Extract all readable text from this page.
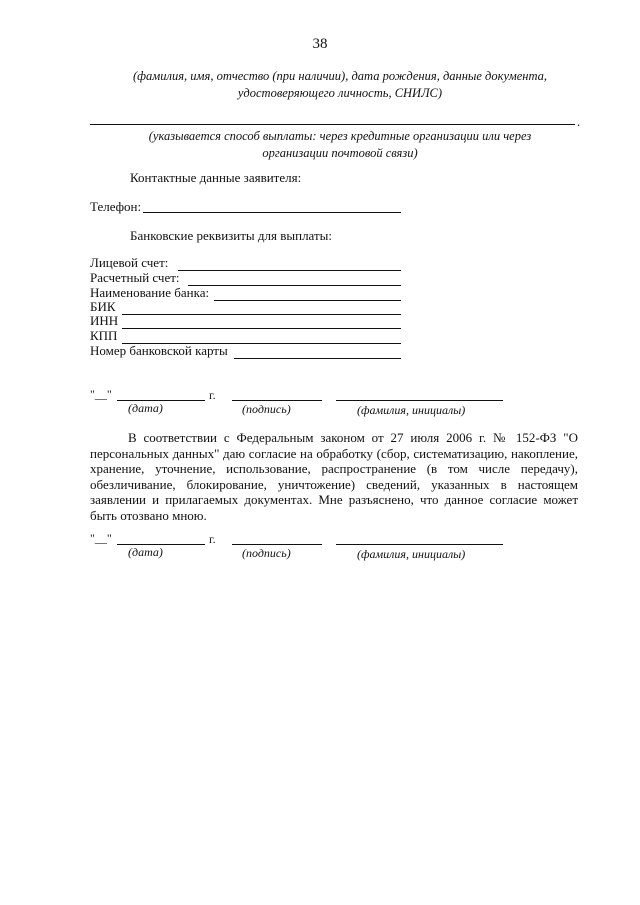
38
(фамилия, имя, отчество (при наличии), дата рождения, данные документа, удостоверяющего личность, СНИЛС)
.
(указывается способ выплаты: через кредитные организации или через организации почтовой связи)
Контактные данные заявителя:
Телефон:
Банковские реквизиты для выплаты:
Лицевой счет:
Расчетный счет:
Наименование банка:
БИК
ИНН
КПП
Номер банковской карты
"__"	г.
(дата)	(подпись)	(фамилия, инициалы)
В соответствии с Федеральным законом от 27 июля 2006 г. № 152-ФЗ "О персональных данных" даю согласие на обработку (сбор, систематизацию, накопление, хранение, уточнение, использование, распространение (в том числе передачу), обезличивание, блокирование, уничтожение) сведений, указанных в настоящем заявлении и прилагаемых документах. Мне разъяснено, что данное согласие может быть отозвано мною.
"__"	г.
(дата)	(подпись)	(фамилия, инициалы)
